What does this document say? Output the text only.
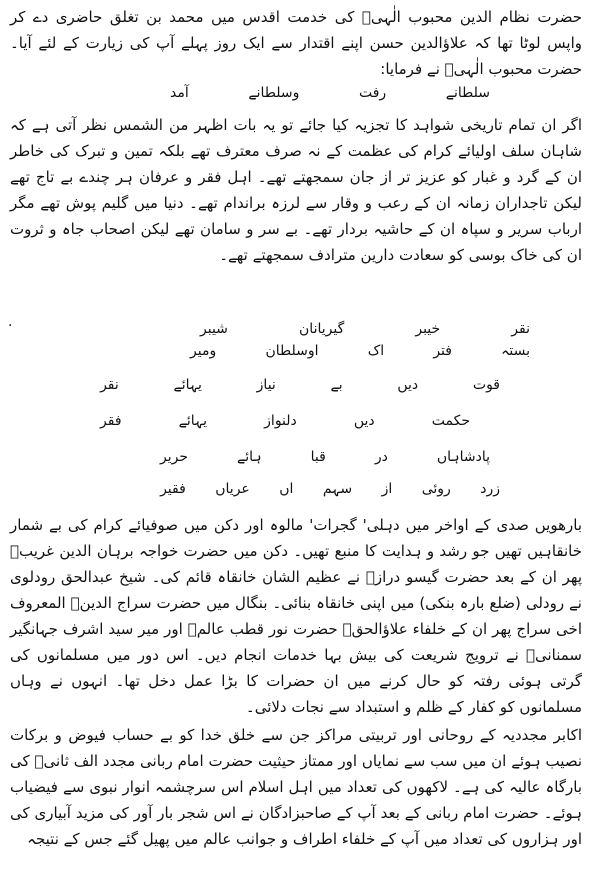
حضرت نظام الدین محبوب الٰہیؒ کی خدمت اقدس میں محمد بن تغلق حاضری دے کر واپس لوٹا تھا کہ علاؤالدین حسن اپنے اقتدار سے ایک روز پہلے آپ کی زیارت کے لئے آیا۔ حضرت محبوب الٰہیؒ نے فرمایا:

سلطانے
رفت
وسلطانے
آمد

اگر ان تمام تاریخی شواہد کا تجزیہ کیا جائے تو یہ بات اظہر من الشمس نظر آتی ہے کہ شاہان سلف اولیائے کرام کی عظمت کے نہ صرف معترف تھے بلکہ تمین و تبرک کی خاطر ان کے گرد و غبار کو عزیز تر از جان سمجھتے تھے۔ اہل فقر و عرفان ہر چندے بے تاج تھے لیکن تاجداران زمانہ ان کے رعب و وقار سے لرزہ براندام تھے۔ دنیا میں گلیم پوش تھے مگر ارباب سریر و سپاہ ان کے حاشیہ بردار تھے۔ بے سر و سامان تھے لیکن اصحاب جاہ و ثروت ان کی خاک بوسی کو سعادت دارین مترادف سمجھتے تھے۔

نقر
خیبر
گیریانان
شیبر
.
بستہ
فتر
اک
اوسلطان
ومیر
قوت
دیں
بے
نیاز
یہائے
نقر
حکمت
دیں
دلنواز
یہائے
فقر
پادشاہاں
در
قبا
ہائے
حریر
زرد
روئی
از
سہم
اں
عریاں
فقیر

بارھویں صدی کے اواخر میں دہلی' گجرات' مالوہ اور دکن میں صوفیائے کرام کی بے شمار خانقاہیں تھیں جو رشد و ہدایت کا منبع تھیں۔ دکن میں حضرت خواجہ برہان الدین غریبؒ پھر ان کے بعد حضرت گیسو درازؒ نے عظیم الشان خانقاہ قائم کی۔ شیخ عبدالحق رودلوی نے رودلی (ضلع بارہ بنکی) میں اپنی خانقاہ بنائی۔ بنگال میں حضرت سراج الدینؒ المعروف اخی سراج پھر ان کے خلفاء علاؤالحقؒ حضرت نور قطب عالمؒ اور میر سید اشرف جہانگیر سمنانیؒ نے ترویج شریعت کی بیش بہا خدمات انجام دیں۔ اس دور میں مسلمانوں کی گرتی ہوئی رفتہ کو حال کرنے میں ان حضرات کا بڑا عمل دخل تھا۔ انہوں نے وہاں مسلمانوں کو کفار کے ظلم و استبداد سے نجات دلائی۔

اکابر مجددیہ کے روحانی اور تربیتی مراکز جن سے خلق خدا کو بے حساب فیوض و برکات نصیب ہوئے ان میں سب سے نمایاں اور ممتاز حیثیت حضرت امام ربانی مجدد الف ثانیؒ کی بارگاہ عالیہ کی ہے۔ لاکھوں کی تعداد میں اہل اسلام اس سرچشمہ انوار نبوی سے فیضیاب ہوئے۔ حضرت امام ربانی کے بعد آپ کے صاحبزادگان نے اس شجر بار آور کی مزید آبیاری کی اور ہزاروں کی تعداد میں آپ کے خلفاء اطراف و جوانب عالم میں پھیل گئے جس کے نتیجہ
